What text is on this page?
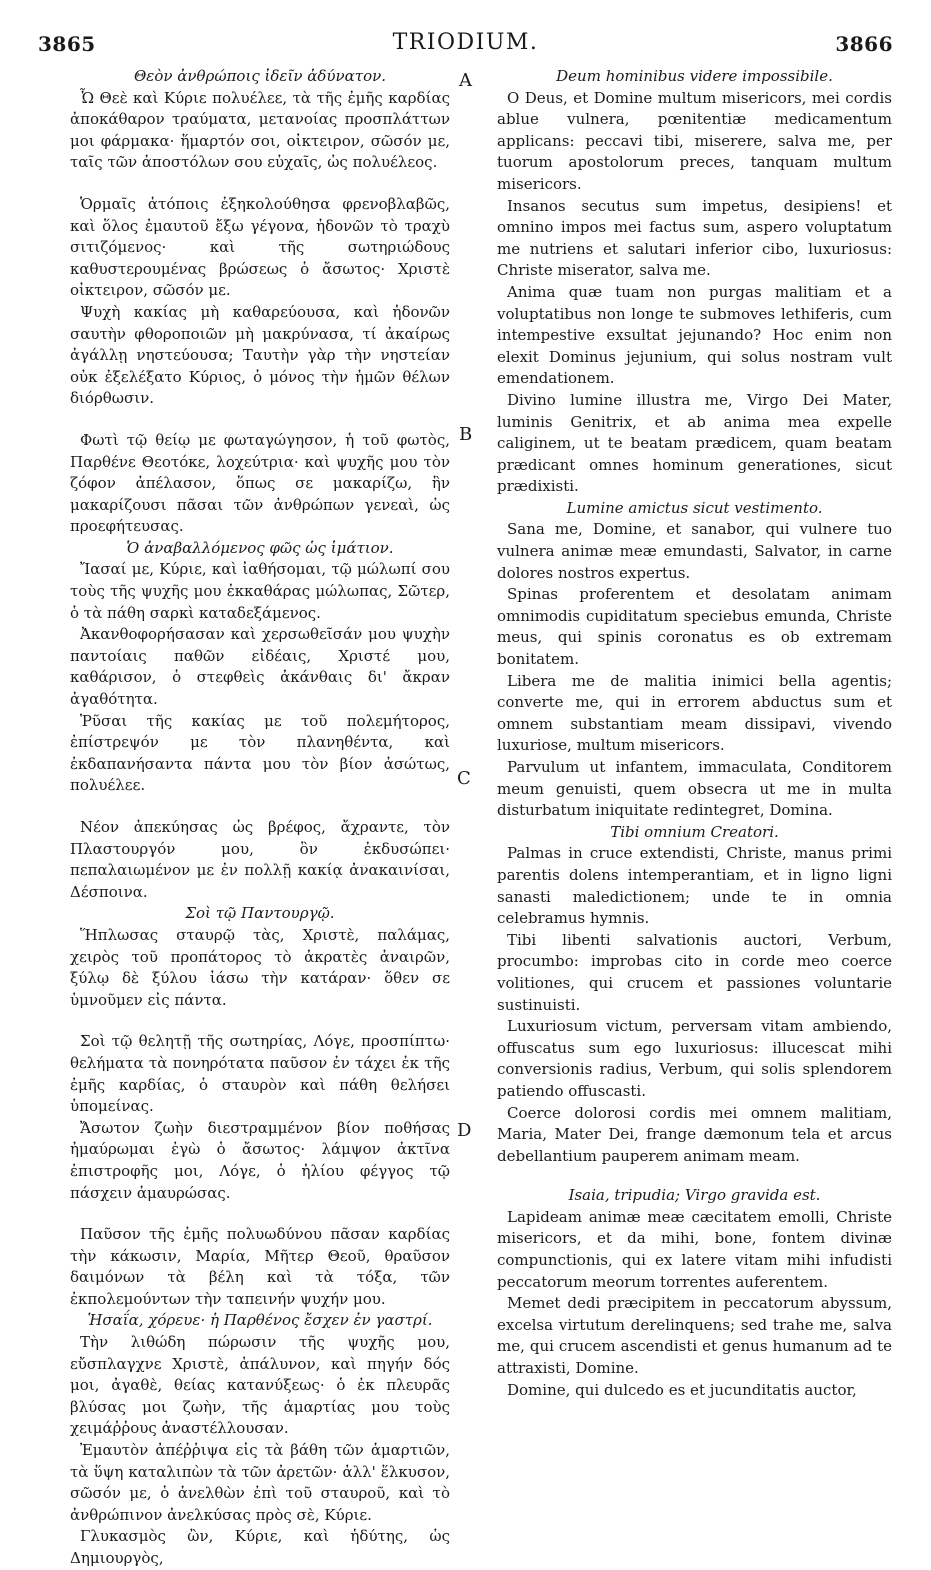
3865	TRIODIUM.	3866

Θεὸν ἀνθρώποις ἰδεῖν ἀδύνατον.

Ὦ Θεὲ καὶ Κύριε πολυέλεε, τὰ τῆς ἐμῆς καρδίας ἀποκάθαρον τραύματα, μετανοίας προσπλάττων μοι φάρμακα· ἥμαρτόν σοι, οἰκτειρον, σῶσόν με, ταῖς τῶν ἀποστόλων σου εὐχαῖς, ὡς πολυέλεος.

Ὁρμαῖς ἀτόποις ἐξηκολούθησα φρενοβλαβῶς, καὶ ὅλος ἐμαυτοῦ ἔξω γέγονα, ἡδονῶν τὸ τραχὺ σιτιζόμενος· καὶ τῆς σωτηριώδους καθυστερουμένας βρώσεως ὁ ἄσωτος· Χριστὲ οἰκτειρον, σῶσόν με.

Ψυχὴ κακίας μὴ καθαρεύουσα, καὶ ἡδονῶν σαυτὴν φθοροποιῶν μὴ μακρύνασα, τί ἀκαίρως ἀγάλλῃ νηστεύουσα; Ταυτὴν γὰρ τὴν νηστείαν οὐκ ἐξελέξατο Κύριος, ὁ μόνος τὴν ἡμῶν θέλων διόρθωσιν.

Φωτὶ τῷ θείῳ με φωταγώγησον, ἡ τοῦ φωτὸς, Παρθένε Θεοτόκε, λοχεύτρια· καὶ ψυχῆς μου τὸν ζόφον ἀπέλασον, ὅπως σε μακαρίζω, ἣν μακαρίζουσι πᾶσαι τῶν ἀνθρώπων γενεαὶ, ὡς προεφήτευσας.

Ὁ ἀναβαλλόμενος φῶς ὡς ἱμάτιον.

Ἴασαί με, Κύριε, καὶ ἰαθήσομαι, τῷ μώλωπί σου τοὺς τῆς ψυχῆς μου ἐκκαθάρας μώλωπας, Σῶτερ, ὁ τὰ πάθη σαρκὶ καταδεξάμενος.

Ἀκανθοφορήσασαν καὶ χερσωθεῖσάν μου ψυχὴν παντοίαις παθῶν εἰδέαις, Χριστέ μου, καθάρισον, ὁ στεφθεὶς ἀκάνθαις δι' ἄκραν ἀγαθότητα.

Ῥῦσαι τῆς κακίας με τοῦ πολεμήτορος, ἐπίστρεψόν με τὸν πλανηθέντα, καὶ ἐκδαπανήσαντα πάντα μου τὸν βίον ἀσώτως, πολυέλεε.

Νέον ἀπεκύησας ὡς βρέφος, ἄχραντε, τὸν Πλαστουργόν μου, ὃν ἐκδυσώπει· πεπαλαιωμένον με ἐν πολλῇ κακίᾳ ἀνακαινίσαι, Δέσποινα.

Σοὶ τῷ Παντουργῷ.

Ἥπλωσας σταυρῷ τὰς, Χριστὲ, παλάμας, χειρὸς τοῦ προπάτορος τὸ ἀκρατὲς ἀναιρῶν, ξύλῳ δὲ ξύλου ἰάσω τὴν κατάραν· ὅθεν σε ὑμνοῦμεν εἰς πάντα.

Σοὶ τῷ θελητῇ τῆς σωτηρίας, Λόγε, προσπίπτω· θελήματα τὰ πονηρότατα παῦσον ἐν τάχει ἐκ τῆς ἐμῆς καρδίας, ὁ σταυρὸν καὶ πάθη θελήσει ὑπομείνας.

Ἄσωτον ζωὴν διεστραμμένον βίον ποθήσας ἠμαύρωμαι ἐγὼ ὁ ἄσωτος· λάμψον ἀκτῖνα ἐπιστροφῆς μοι, Λόγε, ὁ ἡλίου φέγγος τῷ πάσχειν ἀμαυρώσας.

Παῦσον τῆς ἐμῆς πολυωδύνου πᾶσαν καρδίας τὴν κάκωσιν, Μαρία, Μῆτερ Θεοῦ, θραῦσον δαιμόνων τὰ βέλη καὶ τὰ τόξα, τῶν ἐκπολεμούντων τὴν ταπεινήν ψυχήν μου.

Ἡσαΐα, χόρευε· ἡ Παρθένος ἔσχεν ἐν γαστρί.

Τὴν λιθώδη πώρωσιν τῆς ψυχῆς μου, εὔσπλαγχνε Χριστὲ, ἁπάλυνον, καὶ πηγήν δός μοι, ἀγαθὲ, θείας κατανύξεως· ὁ ἐκ πλευρᾶς βλύσας μοι ζωὴν, τῆς ἁμαρτίας μου τοὺς χειμάῤῥους ἀναστέλλουσαν.

Ἐμαυτὸν ἀπέῤῥιψα εἰς τὰ βάθη τῶν ἁμαρτιῶν, τὰ ὕψη καταλιπὼν τὰ τῶν ἀρετῶν· ἀλλ' ἕλκυσον, σῶσόν με, ὁ ἀνελθὼν ἐπὶ τοῦ σταυροῦ, καὶ τὸ ἀνθρώπινον ἀνελκύσας πρὸς σὲ, Κύριε.

Γλυκασμὸς ὢν, Κύριε, καὶ ἡδύτης, ὡς Δημιουργὸς,

Deum hominibus videre impossibile.

O Deus, et Domine multum misericors, mei cordis ablue vulnera, pœnitentiæ medicamentum applicans: peccavi tibi, miserere, salva me, per tuorum apostolorum preces, tanquam multum misericors.

Insanos secutus sum impetus, desipiens! et omnino impos mei factus sum, aspero voluptatum me nutriens et salutari inferior cibo, luxuriosus: Christe miserator, salva me.

Anima quæ tuam non purgas malitiam et a voluptatibus non longe te submoves lethiferis, cum intempestive exsultat jejunando? Hoc enim non elexit Dominus jejunium, qui solus nostram vult emendationem.

Divino lumine illustra me, Virgo Dei Mater, luminis Genitrix, et ab anima mea expelle caliginem, ut te beatam prædicem, quam beatam prædicant omnes hominum generationes, sicut prædixisti.

Lumine amictus sicut vestimento.

Sana me, Domine, et sanabor, qui vulnere tuo vulnera animæ meæ emundasti, Salvator, in carne dolores nostros expertus.

Spinas proferentem et desolatam animam omnimodis cupiditatum speciebus emunda, Christe meus, qui spinis coronatus es ob extremam bonitatem.

Libera me de malitia inimici bella agentis; converte me, qui in errorem abductus sum et omnem substantiam meam dissipavi, vivendo luxuriose, multum misericors.

Parvulum ut infantem, immaculata, Conditorem meum genuisti, quem obsecra ut me in multa disturbatum iniquitate redintegret, Domina.

Tibi omnium Creatori.

Palmas in cruce extendisti, Christe, manus primi parentis dolens intemperantiam, et in ligno ligni sanasti maledictionem; unde te in omnia celebramus hymnis.

Tibi libenti salvationis auctori, Verbum, procumbo: improbas cito in corde meo coerce volitiones, qui crucem et passiones voluntarie sustinuisti.

Luxuriosum victum, perversam vitam ambiendo, offuscatus sum ego luxuriosus: illucescat mihi conversionis radius, Verbum, qui solis splendorem patiendo offuscasti.

Coerce dolorosi cordis mei omnem malitiam, Maria, Mater Dei, frange dæmonum tela et arcus debellantium pauperem animam meam.

Isaia, tripudia; Virgo gravida est.

Lapideam animæ meæ cæcitatem emolli, Christe misericors, et da mihi, bone, fontem divinæ compunctionis, qui ex latere vitam mihi infudisti peccatorum meorum torrentes auferentem.

Memet dedi præcipitem in peccatorum abyssum, excelsa virtutum derelinquens; sed trahe me, salva me, qui crucem ascendisti et genus humanum ad te attraxisti, Domine.

Domine, qui dulcedo es et jucunditatis auctor,

A
B
C
D
